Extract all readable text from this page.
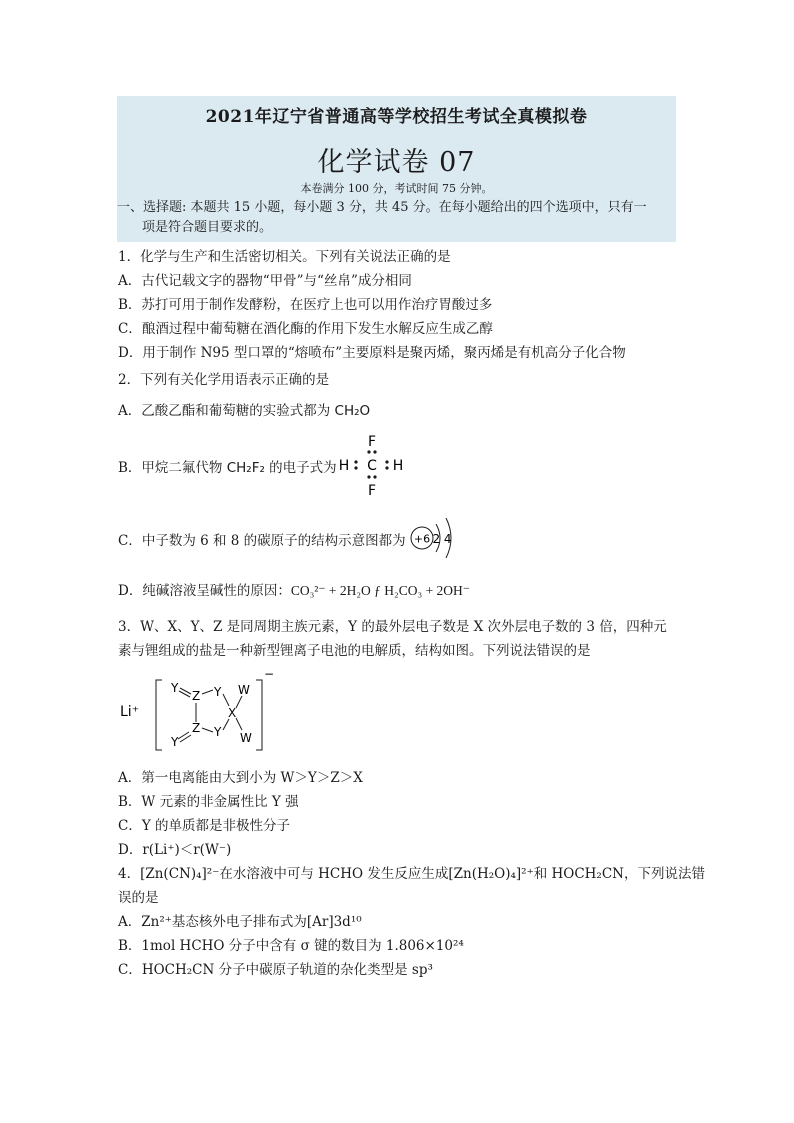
2021年辽宁省普通高等学校招生考试全真模拟卷
化学试卷 07
本卷满分 100 分，考试时间 75 分钟。
一、选择题: 本题共 15 小题，每小题 3 分，共 45 分。在每小题给出的四个选项中，只有一
项是符合题目要求的。
1．化学与生产和生活密切相关。下列有关说法正确的是
A．古代记载文字的器物“甲骨”与“丝帛”成分相同
B．苏打可用于制作发酵粉，在医疗上也可以用作治疗胃酸过多
C．酿酒过程中葡萄糖在酒化酶的作用下发生水解反应生成乙醇
D．用于制作 N95 型口罩的“熔喷布”主要原料是聚丙烯，聚丙烯是有机高分子化合物
2．下列有关化学用语表示正确的是
A．乙酸乙酯和葡萄糖的实验式都为 CH₂O
B．甲烷二氟代物 CH₂F₂ 的电子式为
F
H C H
F
C．中子数为 6 和 8 的碳原子的结构示意图都为 +6 2 4
D．纯碱溶液呈碱性的原因：CO₃²⁻ + 2H₂O ƒ H₂CO₃ + 2OH⁻
3．W、X、Y、Z 是同周期主族元素，Y 的最外层电子数是 X 次外层电子数的 3 倍，四种元
素与锂组成的盐是一种新型锂离子电池的电解质，结构如图。下列说法错误的是
Li⁺
−
Y
Z Y W
X
Z Y W
Y
A．第一电离能由大到小为 W＞Y＞Z＞X
B．W 元素的非金属性比 Y 强
C．Y 的单质都是非极性分子
D．r(Li⁺)＜r(W⁻)
4．[Zn(CN)₄]²⁻在水溶液中可与 HCHO 发生反应生成[Zn(H₂O)₄]²⁺和 HOCH₂CN，下列说法错
误的是
A．Zn²⁺基态核外电子排布式为[Ar]3d¹⁰
B．1mol HCHO 分子中含有 σ 键的数目为 1.806×10²⁴
C．HOCH₂CN 分子中碳原子轨道的杂化类型是 sp³
